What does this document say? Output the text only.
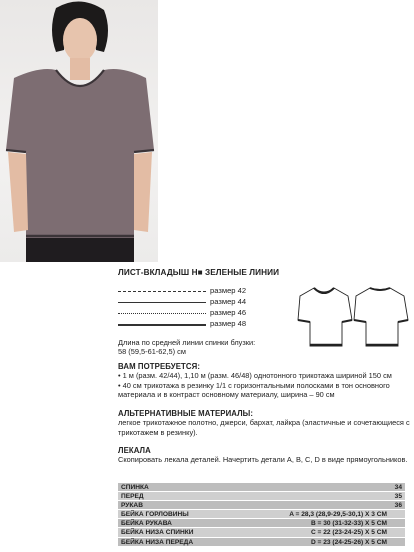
ЛИСТ-ВКЛАДЫШ Н■ ЗЕЛЕНЫЕ ЛИНИИ
размер 42
размер 44
размер 46
размер 48
Длина по средней линии спинки блузки:
58 (59,5-61-62,5) см
ВАМ ПОТРЕБУЕТСЯ:
• 1 м (разм. 42/44), 1,10 м (разм. 46/48) однотонного трикотажа шириной 150 см
• 40 см трикотажа в резинку 1/1 с горизонтальными полосками в тон основного материала и в контраст основному материалу, ширина – 90 см
АЛЬТЕРНАТИВНЫЕ МАТЕРИАЛЫ:
легкое трикотажное полотно, джерси, бархат, лайкра (эластичные и сочетающиеся с трикотажем в резинку).
ЛЕКАЛА
Скопировать лекала деталей. Начертить детали А, В, С, D в виде прямоугольников.
СПИНКА	34
ПЕРЕД	35
РУКАВ	36
БЕЙКА ГОРЛОВИНЫ	A = 28,3 (28,9-29,5-30,1) X 3 CM
БЕЙКА РУКАВА	B = 30 (31-32-33) X 5 CM
БЕЙКА НИЗА СПИНКИ	C = 22 (23-24-25) X 5 CM
БЕЙКА НИЗА ПЕРЕДА	D = 23 (24-25-26) X 5 CM
